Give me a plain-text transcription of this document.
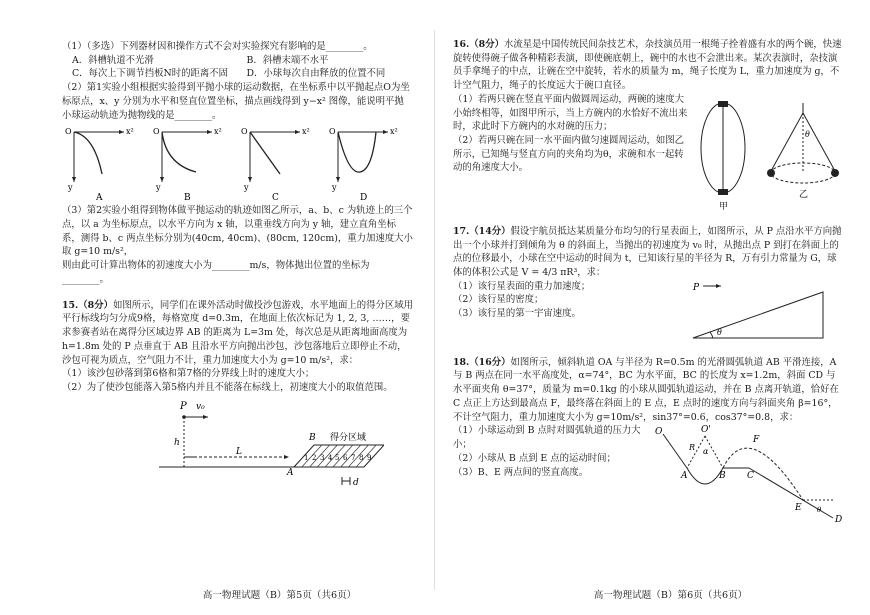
（1）（多选）下列器材因和操作方式不会对实验探究有影响的是________。

A．斜槽轨道不光滑	B．斜槽末端不水平
C．每次上下调节挡板N时的距离不固	D．小球每次自由释放的位置不同

（2）第1实验小组根据实验得到平抛小球的运动数据，在坐标系中以平抛起点O为坐标原点，x、y 分别为水平和竖直位置坐标，描点画线得到 y−x² 图像，能说明平抛小球运动轨迹为抛物线的是________。

O	x²
y
A
O	x²
y
B
O	x²
y
C
O	x²
y
D

（3）第2实验小组得到物体做平抛运动的轨迹如图乙所示，a、b、c 为轨迹上的三个点，以 a 为坐标原点，以水平方向为 x 轴，以重垂线方向为 y 轴，建立直角坐标系，测得 b、c 两点坐标分别为(40cm, 40cm)、(80cm, 120cm)，重力加速度大小取 g=10 m/s²，

则由此可计算出物体的初速度大小为________m/s，物体抛出位置的坐标为________。

15.（8分）如图所示，同学们在课外活动时做投沙包游戏，水平地面上的得分区域用平行标线均匀分成9格，每格宽度 d=0.3m，在地面上依次标记为 1, 2, 3, ……，要求参赛者站在离得分区域边界 AB 的距离为 L=3m 处，每次总是从距离地面高度为 h=1.8m 处的 P 点垂直于 AB 且沿水平方向抛出沙包，沙包落地后立即停止不动，沙包可视为质点，空气阻力不计，重力加速度大小为 g=10 m/s²，求：

（1）该沙包砂落到第6格和第7格的分界线上时的速度大小；

（2）为了使沙包能落入第5格内并且不能落在标线上，初速度大小的取值范围。

P v₀
h
L
B 得分区域
A
1 2 3 4 5 6 7 8 9
d
高一物理试题（B）第5页（共6页）

16.（8分）水流星是中国传统民间杂技艺术，杂技演员用一根绳子拴着盛有水的两个碗，快速旋转使得碗子做各种精彩表演，即使碗底朝上，碗中的水也不会泄出来。某次表演时，杂技演员手拿绳子的中点，让碗在空中旋转，若水的质量为 m，绳子长度为 L，重力加速度为 g，不计空气阻力，绳子的长度远大于碗口直径。

（1）若两只碗在竖直平面内做圆周运动，两碗的速度大小始终相等，如图甲所示，当上方碗内的水恰好不流出来时，求此时下方碗内的水对碗的压力；

（2）若两只碗在同一水平面内做匀速圆周运动，如图乙所示，已知绳与竖直方向的夹角均为θ，求碗和水一起转动的角速度大小。

甲
θ
乙

17.（14分）假设宇航员抵达某质量分布均匀的行星表面上，如图所示，从 P 点沿水平方向抛出一个小球并打到倾角为 θ 的斜面上，当抛出的初速度为 v₀ 时，从抛出点 P 到打在斜面上的点的位移最小，小球在空中运动的时间为 t，已知该行星的半径为 R，万有引力常量为 G，球体的体积公式是 V = 4/3 πR³，求：

（1）该行星表面的重力加速度；

（2）该行星的密度；

（3）该行星的第一宇宙速度。

P
θ

18.（16分）如图所示，倾斜轨道 OA 与半径为 R=0.5m 的光滑圆弧轨道 AB 平滑连接，A 与 B 两点在同一水平高度处，α=74°，BC 为水平面，BC 的长度为 x=1.2m，斜面 CD 与水平面夹角 θ=37°，质量为 m=0.1kg 的小球从圆弧轨道运动，并在 B 点离开轨道，恰好在 C 点正上方达到最高点 F，最终落在斜面上的 E 点，E 点时的速度方向与斜面夹角 β=16°，不计空气阻力，重力加速度大小为 g=10m/s²，sin37°=0.6，cos37°=0.8，求：

（1）小球运动到 B 点时对圆弧轨道的压力大小；

（2）小球从 B 点到 E 点的运动时间；

（3）B、E 两点间的竖直高度。

O	O'
R α
A	B C
F
E
D
θ
高一物理试题（B）第6页（共6页）
